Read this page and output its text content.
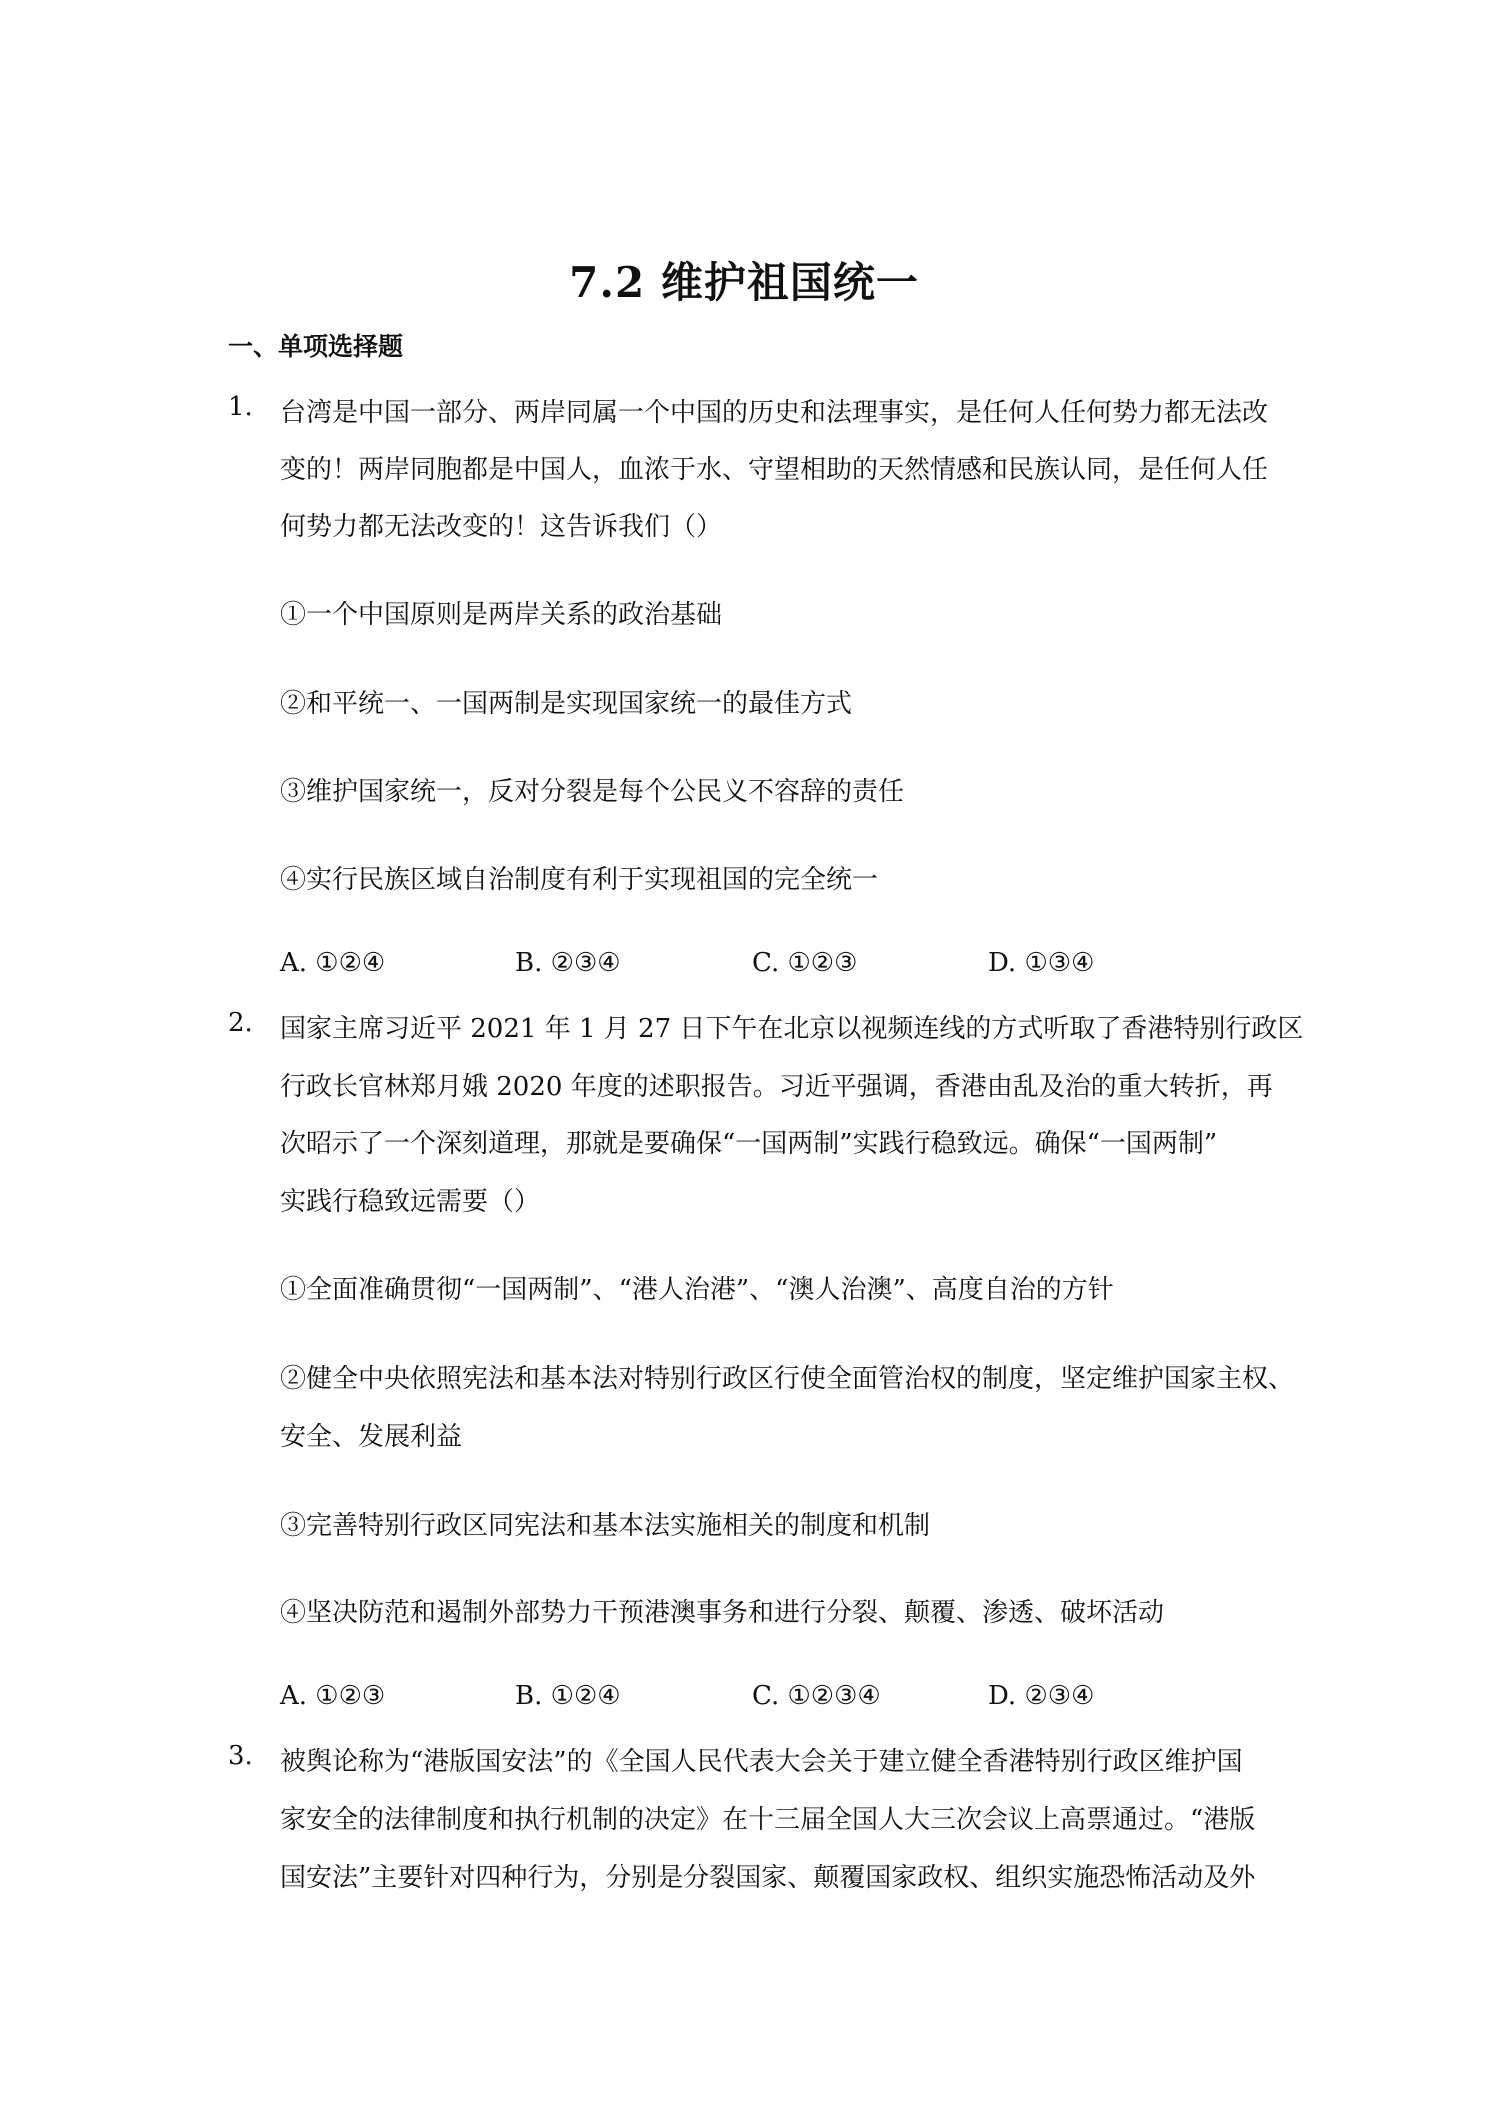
7.2 维护祖国统一
一、单项选择题
1. 台湾是中国一部分、两岸同属一个中国的历史和法理事实，是任何人任何势力都无法改
变的！两岸同胞都是中国人，血浓于水、守望相助的天然情感和民族认同，是任何人任
何势力都无法改变的！这告诉我们（）
①一个中国原则是两岸关系的政治基础
②和平统一、一国两制是实现国家统一的最佳方式
③维护国家统一，反对分裂是每个公民义不容辞的责任
④实行民族区域自治制度有利于实现祖国的完全统一
A. ①②④	B. ②③④	C. ①②③	D. ①③④
2. 国家主席习近平 2021 年 1 月 27 日下午在北京以视频连线的方式听取了香港特别行政区
行政长官林郑月娥 2020 年度的述职报告。习近平强调，香港由乱及治的重大转折，再
次昭示了一个深刻道理，那就是要确保“一国两制”实践行稳致远。确保“一国两制”
实践行稳致远需要（）
①全面准确贯彻“一国两制”、“港人治港”、“澳人治澳”、高度自治的方针
②健全中央依照宪法和基本法对特别行政区行使全面管治权的制度，坚定维护国家主权、
安全、发展利益
③完善特别行政区同宪法和基本法实施相关的制度和机制
④坚决防范和遏制外部势力干预港澳事务和进行分裂、颠覆、渗透、破坏活动
A. ①②③	B. ①②④	C. ①②③④	D. ②③④
3. 被舆论称为“港版国安法”的《全国人民代表大会关于建立健全香港特别行政区维护国
家安全的法律制度和执行机制的决定》在十三届全国人大三次会议上高票通过。“港版
国安法”主要针对四种行为，分别是分裂国家、颠覆国家政权、组织实施恐怖活动及外
